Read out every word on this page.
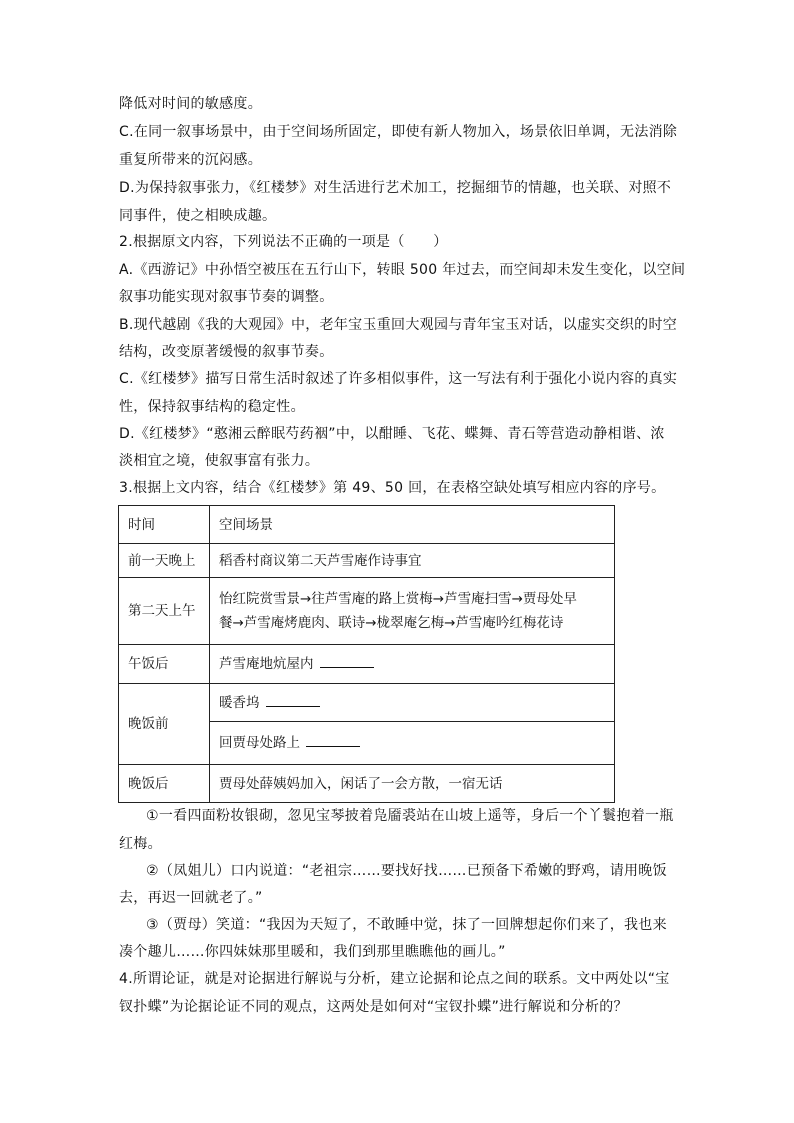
降低对时间的敏感度。
C.在同一叙事场景中，由于空间场所固定，即使有新人物加入，场景依旧单调，无法消除
重复所带来的沉闷感。
D.为保持叙事张力，《红楼梦》对生活进行艺术加工，挖掘细节的情趣，也关联、对照不
同事件，使之相映成趣。
2.根据原文内容，下列说法不正确的一项是（　　）
A.《西游记》中孙悟空被压在五行山下，转眼 500 年过去，而空间却未发生变化，以空间
叙事功能实现对叙事节奏的调整。
B.现代越剧《我的大观园》中，老年宝玉重回大观园与青年宝玉对话，以虚实交织的时空
结构，改变原著缓慢的叙事节奏。
C.《红楼梦》描写日常生活时叙述了许多相似事件，这一写法有利于强化小说内容的真实
性，保持叙事结构的稳定性。
D.《红楼梦》“憨湘云醉眠芍药裀”中，以酣睡、飞花、蝶舞、青石等营造动静相谐、浓
淡相宜之境，使叙事富有张力。
3.根据上文内容，结合《红楼梦》第 49、50 回，在表格空缺处填写相应内容的序号。
时间	空间场景
前一天晚上	稻香村商议第二天芦雪庵作诗事宜
第二天上午	怡红院赏雪景→往芦雪庵的路上赏梅→芦雪庵扫雪→贾母处早
餐→芦雪庵烤鹿肉、联诗→栊翠庵乞梅→芦雪庵吟红梅花诗

午饭后	芦雪庵地炕屋内
晚饭前	暖香坞
	回贾母处路上
晚饭后	贾母处薛姨妈加入，闲话了一会方散，一宿无话
①一看四面粉妆银砌，忽见宝琴披着凫靥裘站在山坡上遥等，身后一个丫鬟抱着一瓶
红梅。
②（凤姐儿）口内说道：“老祖宗……要找好找……已预备下希嫩的野鸡，请用晚饭
去，再迟一回就老了。”
③（贾母）笑道：“我因为天短了，不敢睡中觉，抹了一回牌想起你们来了，我也来
凑个趣儿……你四妹妹那里暖和，我们到那里瞧瞧他的画儿。”
4.所谓论证，就是对论据进行解说与分析，建立论据和论点之间的联系。文中两处以“宝
钗扑蝶”为论据论证不同的观点，这两处是如何对“宝钗扑蝶”进行解说和分析的？
